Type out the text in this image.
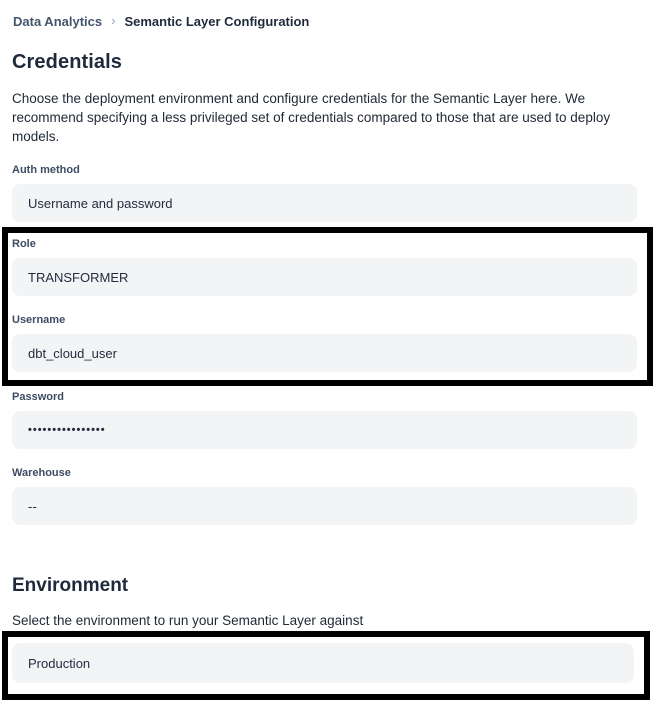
Data Analytics › Semantic Layer Configuration
Credentials

Choose the deployment environment and configure credentials for the Semantic Layer here. We recommend specifying a less privileged set of credentials compared to those that are used to deploy models.

Auth method
Username and password
Role
TRANSFORMER
Username
dbt_cloud_user
Password
••••••••••••••••
Warehouse
--
Environment

Select the environment to run your Semantic Layer against

Production
